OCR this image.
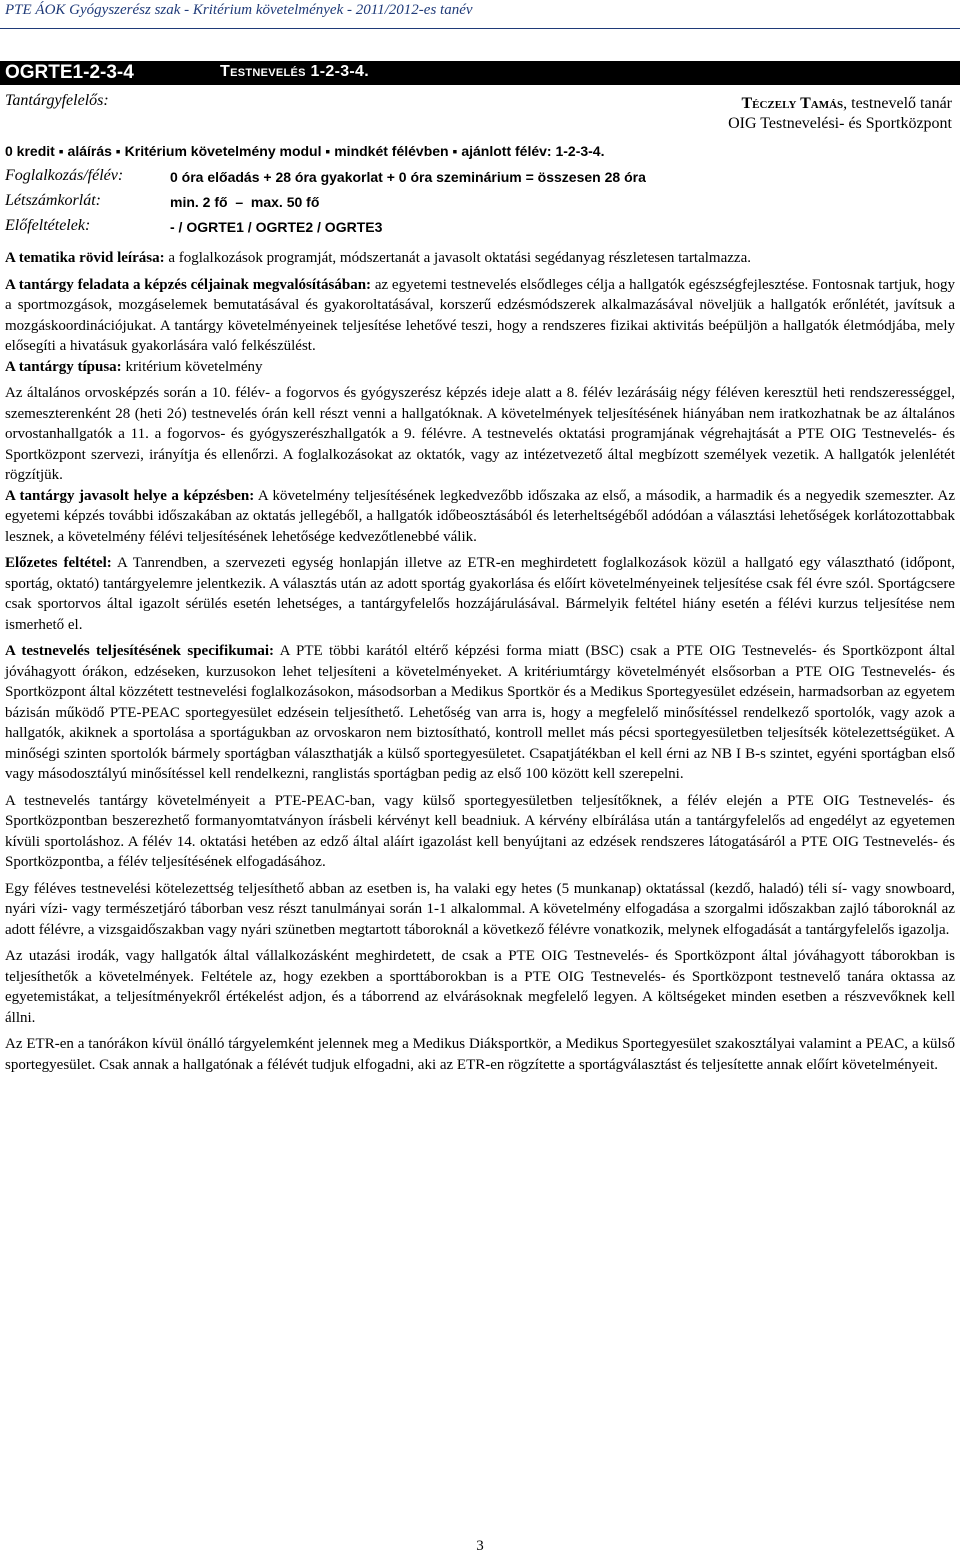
PTE ÁOK Gyógyszerész szak - Kritérium követelmények - 2011/2012-es tanév
OGRTE1-2-3-4	Testnevelés 1-2-3-4.
Tantárgyfelelős:	Téczely Tamás, testnevelő tanár
OIG Testnevelési- és Sportközpont
0 kredit ▪ aláírás ▪ Kritérium követelmény modul ▪ mindkét félévben ▪ ajánlott félév: 1-2-3-4.
Foglalkozás/félév:	0 óra előadás + 28 óra gyakorlat + 0 óra szeminárium = összesen 28 óra
Létszámkorlát:	min. 2 fő  –  max. 50 fő
Előfeltételek:	- / OGRTE1 / OGRTE2 / OGRTE3

A tematika rövid leírása: a foglalkozások programját, módszertanát a javasolt oktatási segédanyag részletesen tartalmazza.

A tantárgy feladata a képzés céljainak megvalósításában: az egyetemi testnevelés elsődleges célja a hallgatók egészségfejlesztése. Fontosnak tartjuk, hogy a sportmozgások, mozgáselemek bemutatásával és gyakoroltatásával, korszerű edzésmódszerek alkalmazásával növeljük a hallgatók erőnlétét, javítsuk a mozgáskoordinációjukat. A tantárgy követelményeinek teljesítése lehetővé teszi, hogy a rendszeres fizikai aktivitás beépüljön a hallgatók életmódjába, mely elősegíti a hivatásuk gyakorlására való felkészülést.

A tantárgy típusa: kritérium követelmény

Az általános orvosképzés során a 10. félév- a fogorvos és gyógyszerész képzés ideje alatt a 8. félév lezárásáig négy féléven keresztül heti rendszerességgel, szemeszterenként 28 (heti 2ó) testnevelés órán kell részt venni a hallgatóknak. A követelmények teljesítésének hiányában nem iratkozhatnak be az általános orvostanhallgatók a 11. a fogorvos- és gyógyszerészhallgatók a 9. félévre. A testnevelés oktatási programjának végrehajtását a PTE OIG Testnevelés- és Sportközpont szervezi, irányítja és ellenőrzi. A foglalkozásokat az oktatók, vagy az intézetvezető által megbízott személyek vezetik. A hallgatók jelenlétét rögzítjük.

A tantárgy javasolt helye a képzésben: A követelmény teljesítésének legkedvezőbb időszaka az első, a második, a harmadik és a negyedik szemeszter. Az egyetemi képzés további időszakában az oktatás jellegéből, a hallgatók időbeosztásából és leterheltségéből adódóan a választási lehetőségek korlátozottabbak lesznek, a követelmény félévi teljesítésének lehetősége kedvezőtlenebbé válik.

Előzetes feltétel: A Tanrendben, a szervezeti egység honlapján illetve az ETR-en meghirdetett foglalkozások közül a hallgató egy választható (időpont, sportág, oktató) tantárgyelemre jelentkezik. A választás után az adott sportág gyakorlása és előírt követelményeinek teljesítése csak fél évre szól. Sportágcsere csak sportorvos által igazolt sérülés esetén lehetséges, a tantárgyfelelős hozzájárulásával. Bármelyik feltétel hiány esetén a félévi kurzus teljesítése nem ismerhető el.

A testnevelés teljesítésének specifikumai: A PTE többi karától eltérő képzési forma miatt (BSC) csak a PTE OIG Testnevelés- és Sportközpont által jóváhagyott órákon, edzéseken, kurzusokon lehet teljesíteni a követelményeket. A kritériumtárgy követelményét elsősorban a PTE OIG Testnevelés- és Sportközpont által közzétett testnevelési foglalkozásokon, másodsorban a Medikus Sportkör és a Medikus Sportegyesület edzésein, harmadsorban az egyetem bázisán működő PTE-PEAC sportegyesület edzésein teljesíthető. Lehetőség van arra is, hogy a megfelelő minősítéssel rendelkező sportolók, vagy azok a hallgatók, akiknek a sportolása a sportágukban az orvoskaron nem biztosítható, kontroll mellet más pécsi sportegyesületben teljesítsék kötelezettségüket. A minőségi szinten sportolók bármely sportágban választhatják a külső sportegyesületet. Csapatjátékban el kell érni az NB I B-s szintet, egyéni sportágban első vagy másodosztályú minősítéssel kell rendelkezni, ranglistás sportágban pedig az első 100 között kell szerepelni.

A testnevelés tantárgy követelményeit a PTE-PEAC-ban, vagy külső sportegyesületben teljesítőknek, a félév elején a PTE OIG Testnevelés- és Sportközpontban beszerezhető formanyomtatványon írásbeli kérvényt kell beadniuk. A kérvény elbírálása után a tantárgyfelelős ad engedélyt az egyetemen kívüli sportoláshoz. A félév 14. oktatási hetében az edző által aláírt igazolást kell benyújtani az edzések rendszeres látogatásáról a PTE OIG Testnevelés- és Sportközpontba, a félév teljesítésének elfogadásához.

Egy féléves testnevelési kötelezettség teljesíthető abban az esetben is, ha valaki egy hetes (5 munkanap) oktatással (kezdő, haladó) téli sí- vagy snowboard, nyári vízi- vagy természetjáró táborban vesz részt tanulmányai során 1-1 alkalommal. A követelmény elfogadása a szorgalmi időszakban zajló táboroknál az adott félévre, a vizsgaidőszakban vagy nyári szünetben megtartott táboroknál a következő félévre vonatkozik, melynek elfogadását a tantárgyfelelős igazolja.

Az utazási irodák, vagy hallgatók által vállalkozásként meghirdetett, de csak a PTE OIG Testnevelés- és Sportközpont által jóváhagyott táborokban is teljesíthetők a követelmények. Feltétele az, hogy ezekben a sporttáborokban is a PTE OIG Testnevelés- és Sportközpont testnevelő tanára oktassa az egyetemistákat, a teljesítményekről értékelést adjon, és a táborrend az elvárásoknak megfelelő legyen. A költségeket minden esetben a részvevőknek kell állni.

Az ETR-en a tanórákon kívül önálló tárgyelemként jelennek meg a Medikus Diáksportkör, a Medikus Sportegyesület szakosztályai valamint a PEAC, a külső sportegyesület. Csak annak a hallgatónak a félévét tudjuk elfogadni, aki az ETR-en rögzítette a sportágválasztást és teljesítette annak előírt követelményeit.

3
